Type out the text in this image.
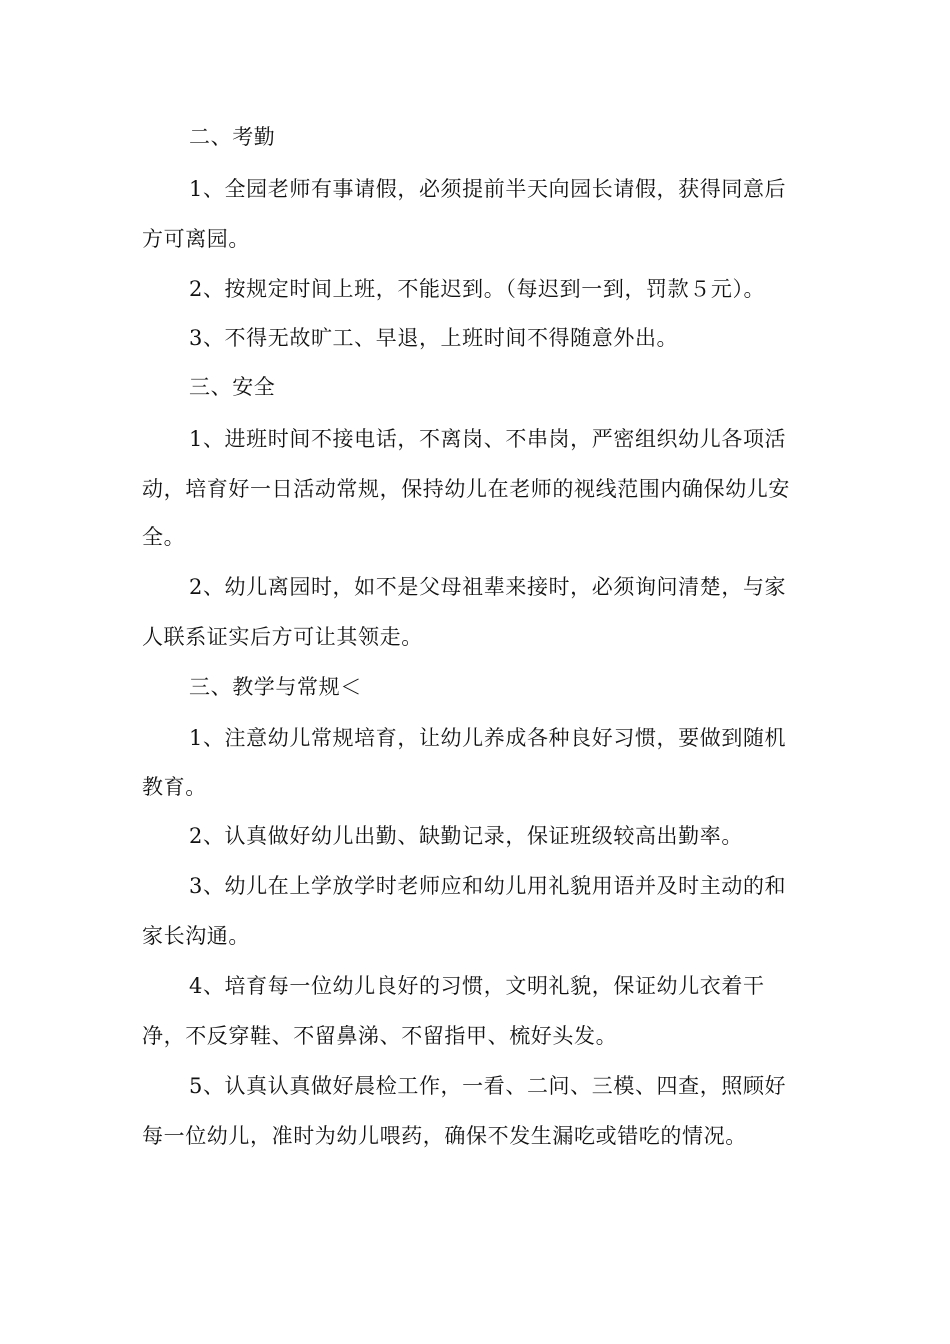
二、考勤
1、全园老师有事请假，必须提前半天向园长请假，获得同意后
方可离园。
2、按规定时间上班，不能迟到。（每迟到一到，罚款５元）。
3、不得无故旷工、早退，上班时间不得随意外出。
三、安全
1、进班时间不接电话，不离岗、不串岗，严密组织幼儿各项活
动，培育好一日活动常规，保持幼儿在老师的视线范围内确保幼儿安
全。
2、幼儿离园时，如不是父母祖辈来接时，必须询问清楚，与家
人联系证实后方可让其领走。
三、教学与常规＜
1、注意幼儿常规培育，让幼儿养成各种良好习惯，要做到随机
教育。
2、认真做好幼儿出勤、缺勤记录，保证班级较高出勤率。
3、幼儿在上学放学时老师应和幼儿用礼貌用语并及时主动的和
家长沟通。
4、培育每一位幼儿良好的习惯，文明礼貌，保证幼儿衣着干
净，不反穿鞋、不留鼻涕、不留指甲、梳好头发。
5、认真认真做好晨检工作，一看、二问、三模、四查，照顾好
每一位幼儿，准时为幼儿喂药，确保不发生漏吃或错吃的情况。
